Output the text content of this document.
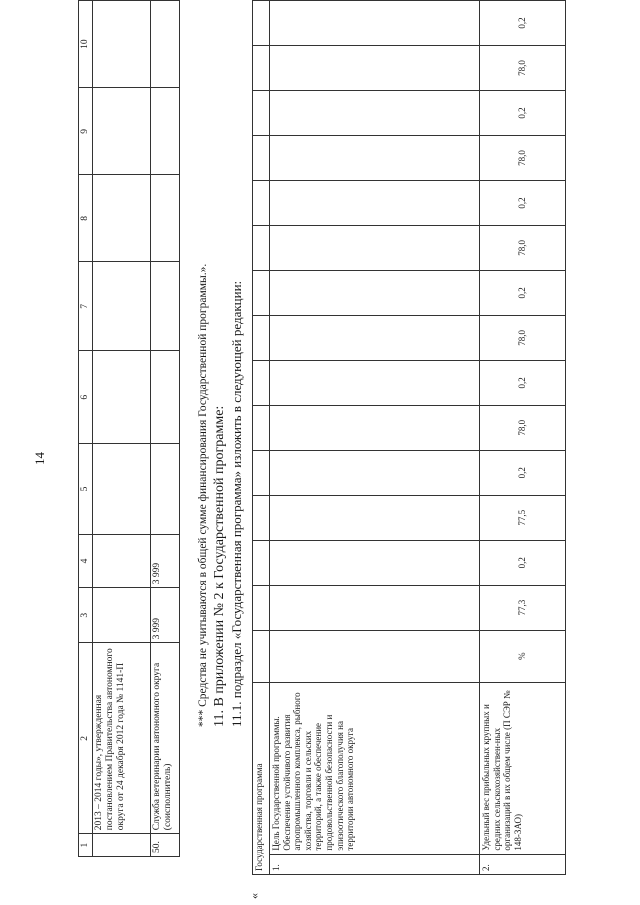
14
1	2	3	4	5	6	7	8	9	10
	2013 – 2014 годы», утвержденная постановлением Правительства автономного округа от 24 декабря 2012 года № 1141-П								
50.	Служба ветеринарии автономного округа (соисполнитель)	3 999	3 999							*** Средства не учитываются в общей сумме финансирования Государственной программы.». 11. В приложении № 2 к Государственной программе: 11.1. подраздел «Государственная программа» изложить в следующей редакции:
«
Государственная программа																
1.	Цель Государственной программы. Обеспечение устойчивого развития агропромышленного комплекса, рыбного хозяйства, торговли и сельских территорий, а также обеспечение продовольственной безопасности и эпизоотического благополучия на территории автономного округа															
2.	Удельный вес прибыльных крупных и средних сельскохозяйствен-ных организаций в их общем числе (П СЭР № 148-ЗАО)	%	77,3	0,2	77,5	0,2	78,0	0,2	78,0	0,2	78,0	0,2	78,0	0,2	78,0	0,2
